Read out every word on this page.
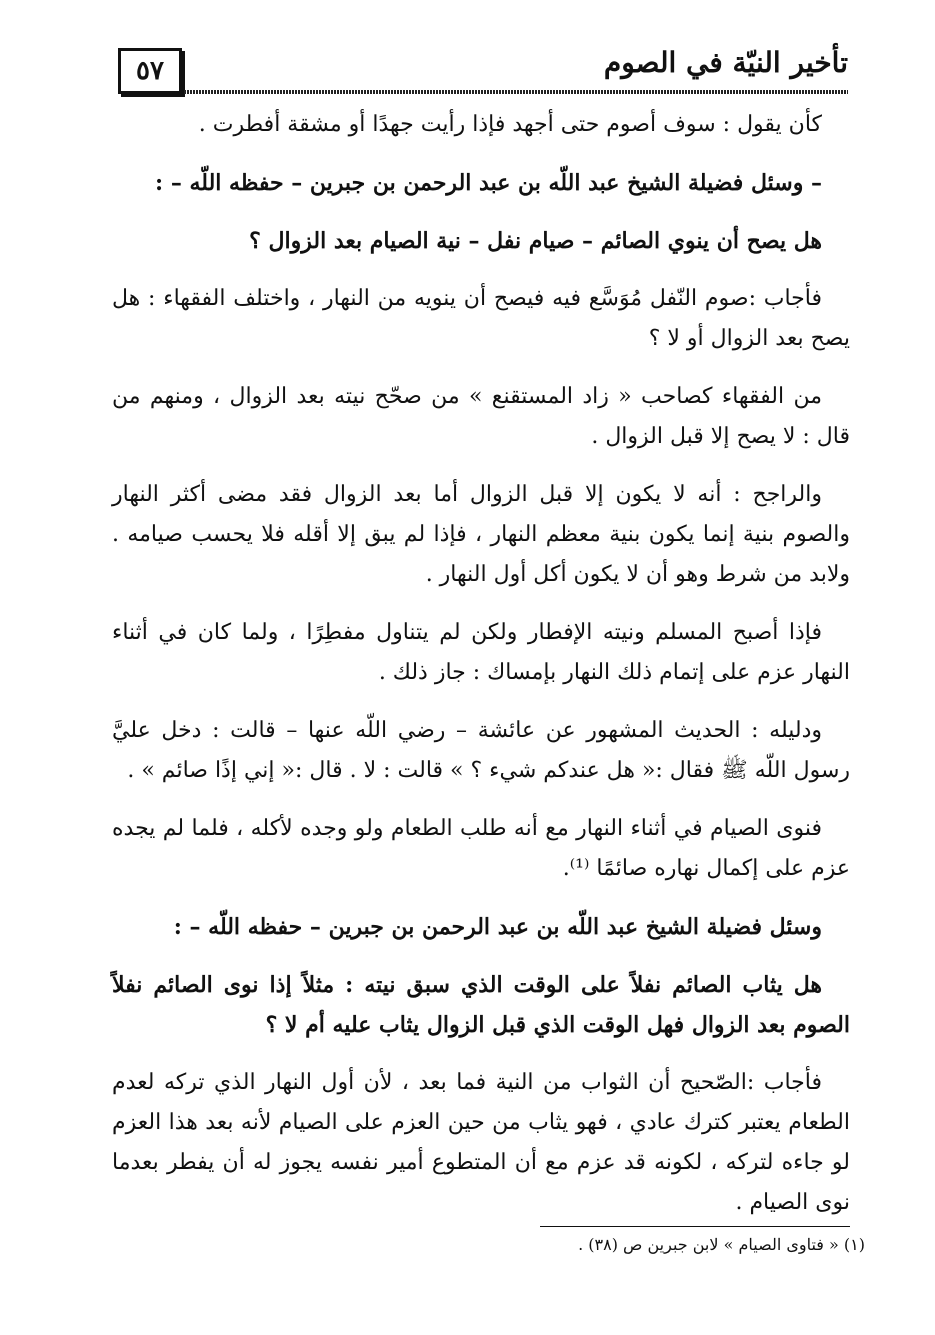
٥٧	تأخير النيّة في الصوم

كأن يقول : سوف أصوم حتى أجهد فإذا رأيت جهدًا أو مشقة أفطرت .

– وسئل فضيلة الشيخ عبد اللّه بن عبد الرحمن بن جبرين – حفظه اللّه – :

هل يصح أن ينوي الصائم – صيام نفل – نية الصيام بعد الزوال ؟

فأجاب :صوم النّفل مُوَسَّع فيه فيصح أن ينويه من النهار ، واختلف الفقهاء : هل يصح بعد الزوال أو لا ؟

من الفقهاء كصاحب « زاد المستقنع » من صحّح نيته بعد الزوال ، ومنهم من قال : لا يصح إلا قبل الزوال .

والراجح : أنه لا يكون إلا قبل الزوال أما بعد الزوال فقد مضى أكثر النهار والصوم بنية إنما يكون بنية معظم النهار ، فإذا لم يبق إلا أقله فلا يحسب صيامه . ولابد من شرط وهو أن لا يكون أكل أول النهار .

فإذا أصبح المسلم ونيته الإفطار ولكن لم يتناول مفطِرًا ، ولما كان في أثناء النهار عزم على إتمام ذلك النهار بإمساك : جاز ذلك .

ودليله : الحديث المشهور عن عائشة – رضي اللّه عنها – قالت : دخل عليَّ رسول اللّه ﷺ فقال :« هل عندكم شيء ؟ » قالت : لا . قال :« إني إذًا صائم » .

فنوى الصيام في أثناء النهار مع أنه طلب الطعام ولو وجده لأكله ، فلما لم يجده عزم على إكمال نهاره صائمًا ⁽¹⁾.

وسئل فضيلة الشيخ عبد اللّه بن عبد الرحمن بن جبرين – حفظه اللّه – :

هل يثاب الصائم نفلاً على الوقت الذي سبق نيته : مثلاً إذا نوى الصائم نفلاً الصوم بعد الزوال فهل الوقت الذي قبل الزوال يثاب عليه أم لا ؟

فأجاب :الصّحيح أن الثواب من النية فما بعد ، لأن أول النهار الذي تركه لعدم الطعام يعتبر كترك عادي ، فهو يثاب من حين العزم على الصيام لأنه بعد هذا العزم لو جاءه لتركه ، لكونه قد عزم مع أن المتطوع أمير نفسه يجوز له أن يفطر بعدما نوى الصيام .

(١) « فتاوى الصيام » لابن جبرين ص (٣٨) .
